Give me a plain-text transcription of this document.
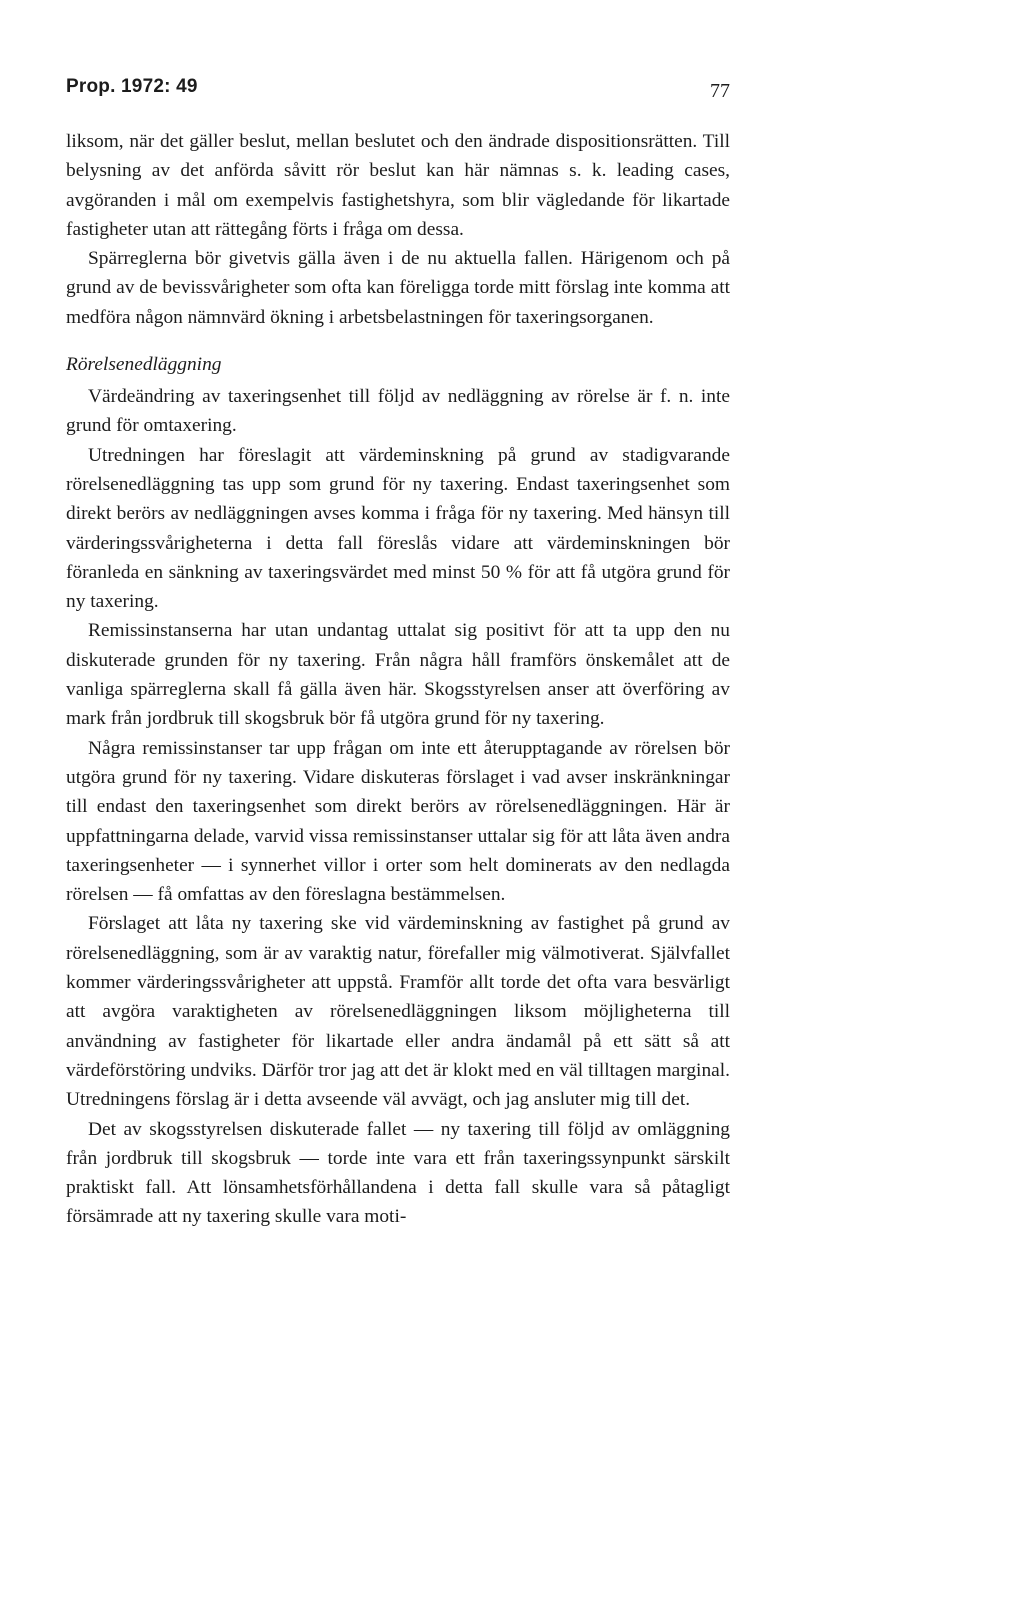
Prop. 1972: 49	77

liksom, när det gäller beslut, mellan beslutet och den ändrade dispositionsrätten. Till belysning av det anförda såvitt rör beslut kan här nämnas s. k. leading cases, avgöranden i mål om exempelvis fastighetshyra, som blir vägledande för likartade fastigheter utan att rättegång förts i fråga om dessa.

Spärreglerna bör givetvis gälla även i de nu aktuella fallen. Härigenom och på grund av de bevissvårigheter som ofta kan föreligga torde mitt förslag inte komma att medföra någon nämnvärd ökning i arbetsbelastningen för taxeringsorganen.

Rörelsenedläggning

Värdeändring av taxeringsenhet till följd av nedläggning av rörelse är f. n. inte grund för omtaxering.

Utredningen har föreslagit att värdeminskning på grund av stadigvarande rörelsenedläggning tas upp som grund för ny taxering. Endast taxeringsenhet som direkt berörs av nedläggningen avses komma i fråga för ny taxering. Med hänsyn till värderingssvårigheterna i detta fall föreslås vidare att värdeminskningen bör föranleda en sänkning av taxeringsvärdet med minst 50 % för att få utgöra grund för ny taxering.

Remissinstanserna har utan undantag uttalat sig positivt för att ta upp den nu diskuterade grunden för ny taxering. Från några håll framförs önskemålet att de vanliga spärreglerna skall få gälla även här. Skogsstyrelsen anser att överföring av mark från jordbruk till skogsbruk bör få utgöra grund för ny taxering.

Några remissinstanser tar upp frågan om inte ett återupptagande av rörelsen bör utgöra grund för ny taxering. Vidare diskuteras förslaget i vad avser inskränkningar till endast den taxeringsenhet som direkt berörs av rörelsenedläggningen. Här är uppfattningarna delade, varvid vissa remissinstanser uttalar sig för att låta även andra taxeringsenheter — i synnerhet villor i orter som helt dominerats av den nedlagda rörelsen — få omfattas av den föreslagna bestämmelsen.

Förslaget att låta ny taxering ske vid värdeminskning av fastighet på grund av rörelsenedläggning, som är av varaktig natur, förefaller mig välmotiverat. Självfallet kommer värderingssvårigheter att uppstå. Framför allt torde det ofta vara besvärligt att avgöra varaktigheten av rörelsenedläggningen liksom möjligheterna till användning av fastigheter för likartade eller andra ändamål på ett sätt så att värdeförstöring undviks. Därför tror jag att det är klokt med en väl tilltagen marginal. Utredningens förslag är i detta avseende väl avvägt, och jag ansluter mig till det.

Det av skogsstyrelsen diskuterade fallet — ny taxering till följd av omläggning från jordbruk till skogsbruk — torde inte vara ett från taxeringssynpunkt särskilt praktiskt fall. Att lönsamhetsförhållandena i detta fall skulle vara så påtagligt försämrade att ny taxering skulle vara moti-
